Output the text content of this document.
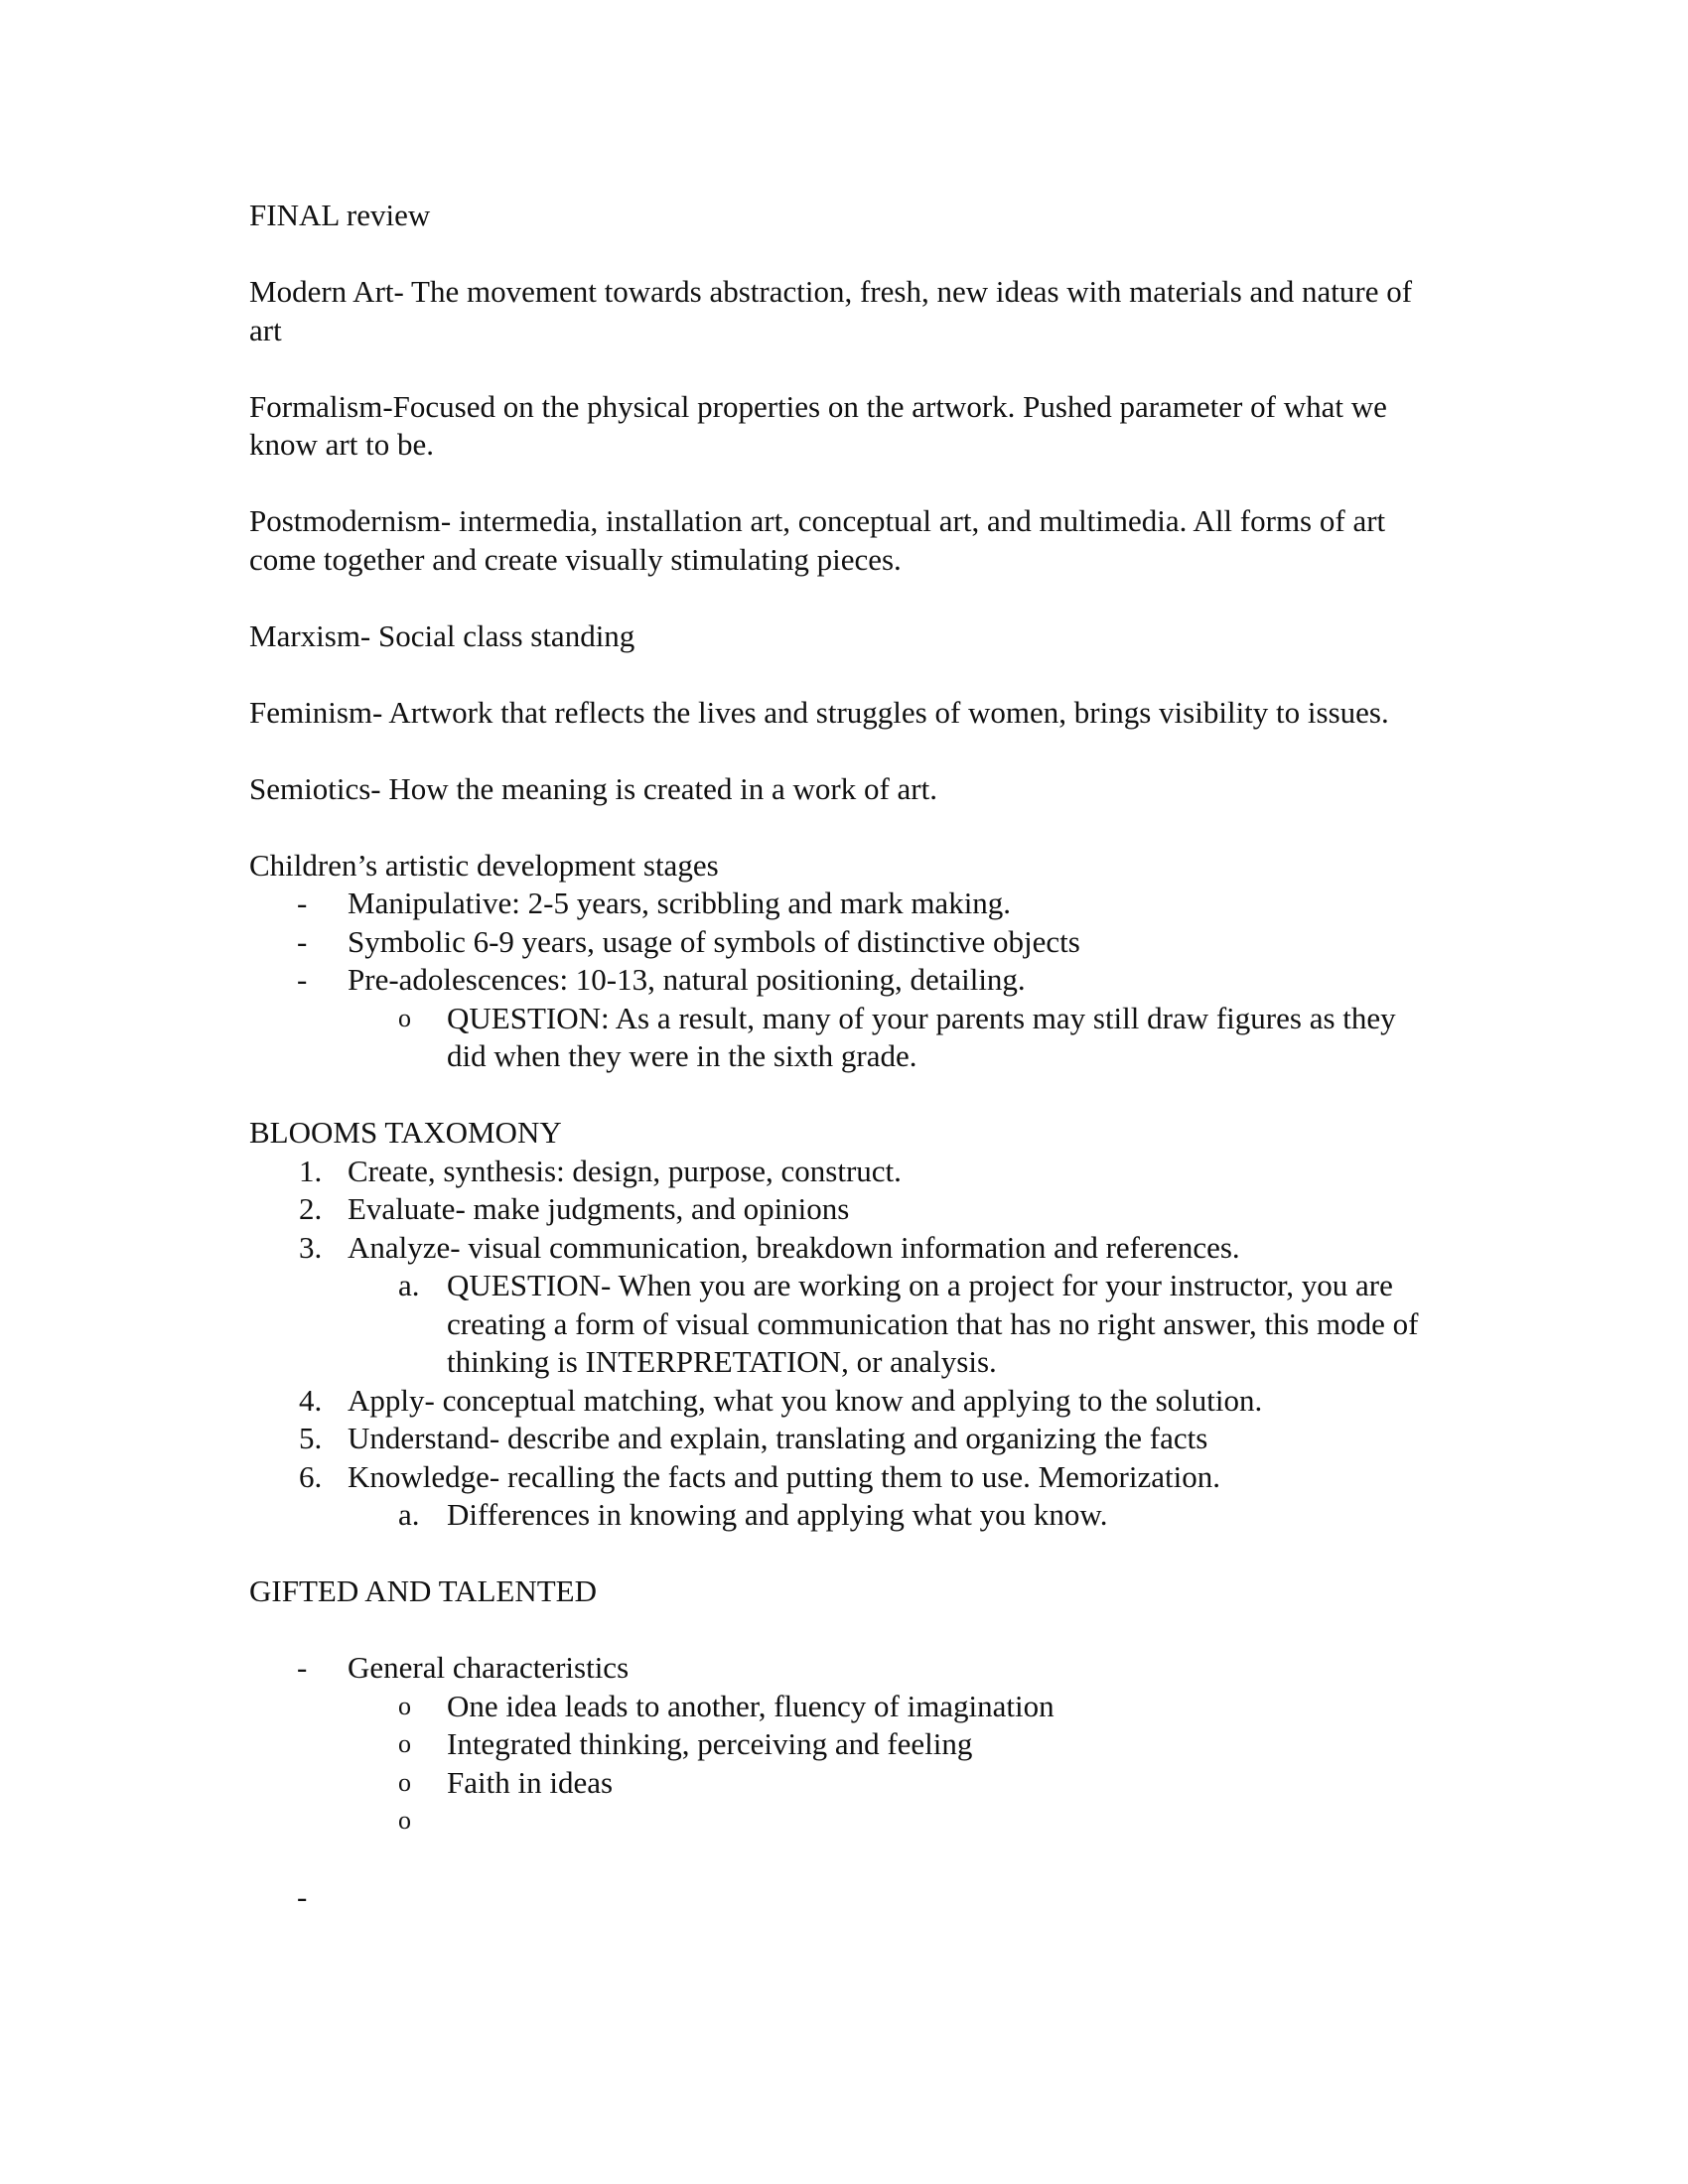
FINAL review

Modern Art- The movement towards abstraction, fresh, new ideas with materials and nature of art

Formalism-Focused on the physical properties on the artwork. Pushed parameter of what we know art to be.

Postmodernism- intermedia, installation art, conceptual art, and multimedia. All forms of art come together and create visually stimulating pieces.

Marxism- Social class standing

Feminism- Artwork that reflects the lives and struggles of women, brings visibility to issues.

Semiotics- How the meaning is created in a work of art.

Children’s artistic development stages

- Manipulative: 2-5 years, scribbling and mark making.
- Symbolic 6-9 years, usage of symbols of distinctive objects
- Pre-adolescences: 10-13, natural positioning, detailing.
o QUESTION: As a result, many of your parents may still draw figures as they did when they were in the sixth grade.

BLOOMS TAXOMONY

1. Create, synthesis: design, purpose, construct.
2. Evaluate- make judgments, and opinions
3. Analyze- visual communication, breakdown information and references.
a. QUESTION- When you are working on a project for your instructor, you are creating a form of visual communication that has no right answer, this mode of thinking is INTERPRETATION, or analysis.
4. Apply- conceptual matching, what you know and applying to the solution.
5. Understand- describe and explain, translating and organizing the facts
6. Knowledge- recalling the facts and putting them to use. Memorization.
a. Differences in knowing and applying what you know.

GIFTED AND TALENTED

- General characteristics
o One idea leads to another, fluency of imagination
o Integrated thinking, perceiving and feeling
o Faith in ideas
o
-
